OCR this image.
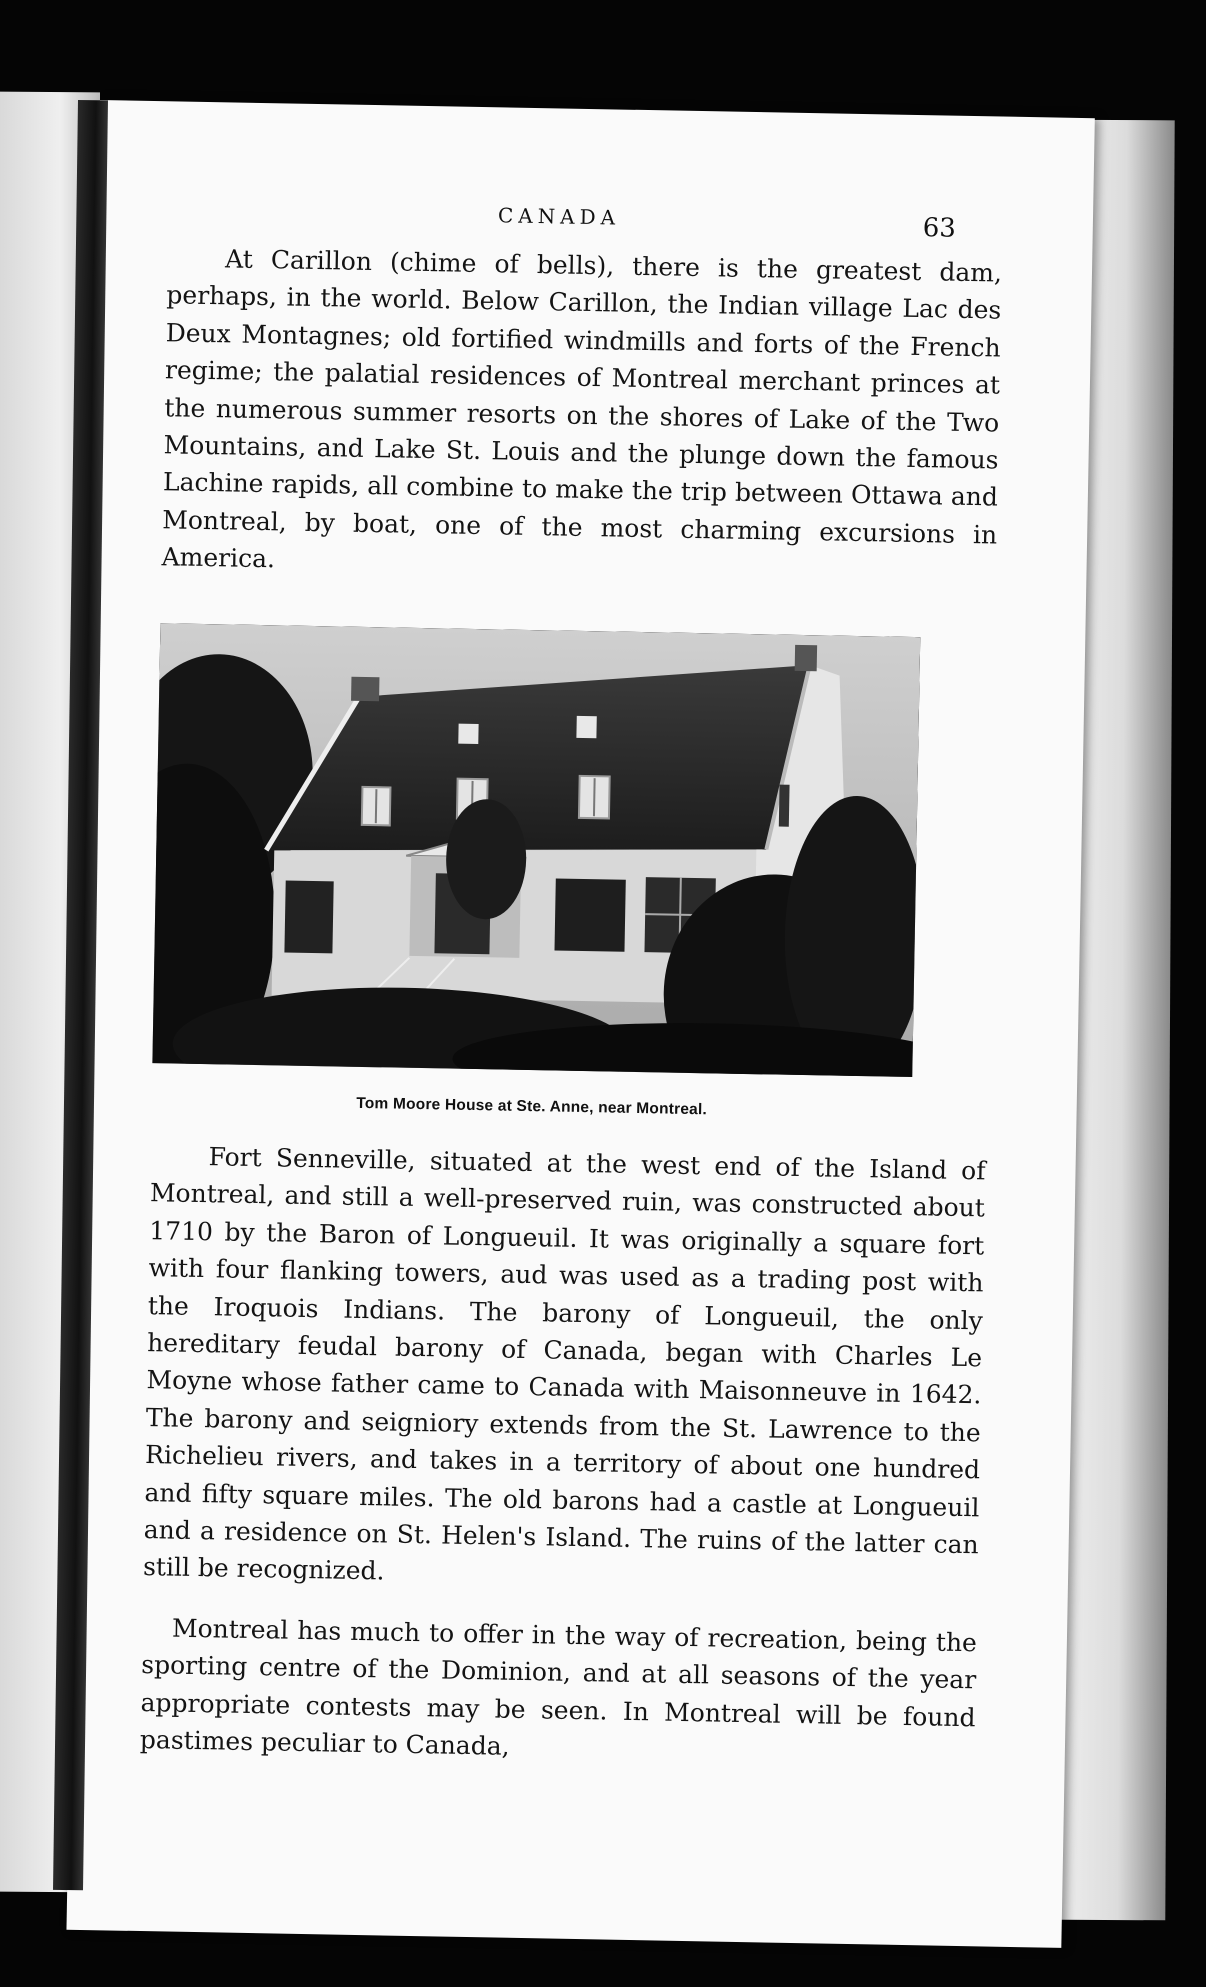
CANADA	63

At Carillon (chime of bells), there is the greatest dam, perhaps, in the world. Below Carillon, the Indian village Lac des Deux Montagnes; old fortified windmills and forts of the French regime; the palatial residences of Montreal merchant princes at the numerous summer resorts on the shores of Lake of the Two Mountains, and Lake St. Louis and the plunge down the famous Lachine rapids, all combine to make the trip between Ottawa and Montreal, by boat, one of the most charming excursions in America.

Tom Moore House at Ste. Anne, near Montreal.

Fort Senneville, situated at the west end of the Island of Montreal, and still a well-preserved ruin, was constructed about 1710 by the Baron of Longueuil. It was originally a square fort with four flanking towers, aud was used as a trading post with the Iroquois Indians. The barony of Longueuil, the only hereditary feudal barony of Canada, began with Charles Le Moyne whose father came to Canada with Maisonneuve in 1642. The barony and seigniory extends from the St. Lawrence to the Richelieu rivers, and takes in a territory of about one hundred and fifty square miles. The old barons had a castle at Longueuil and a residence on St. Helen's Island. The ruins of the latter can still be recognized.

Montreal has much to offer in the way of recreation, being the sporting centre of the Dominion, and at all seasons of the year appropriate contests may be seen. In Montreal will be found pastimes peculiar to Canada,
